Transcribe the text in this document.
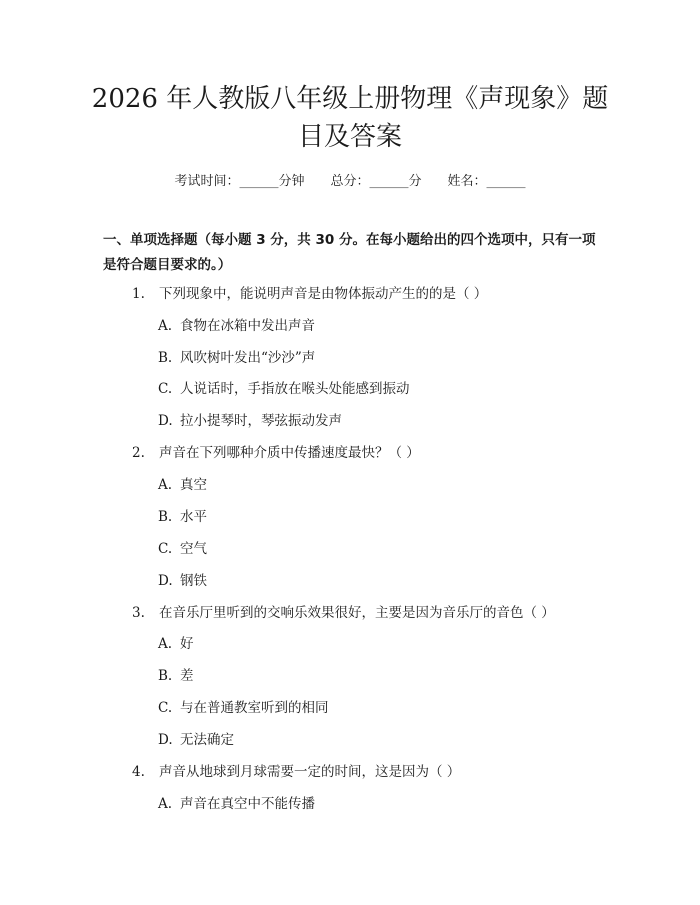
2026 年人教版八年级上册物理《声现象》题
目及答案
考试时间：______分钟 总分：______分 姓名：______
一、单项选择题（每小题 3 分，共 30 分。在每小题给出的四个选项中，只有一项
是符合题目要求的。）
1. 下列现象中，能说明声音是由物体振动产生的的是（ ）
A. 食物在冰箱中发出声音
B. 风吹树叶发出“沙沙”声
C. 人说话时，手指放在喉头处能感到振动
D. 拉小提琴时，琴弦振动发声
2. 声音在下列哪种介质中传播速度最快？（ ）
A. 真空
B. 水平
C. 空气
D. 钢铁
3. 在音乐厅里听到的交响乐效果很好，主要是因为音乐厅的音色（ ）
A. 好
B. 差
C. 与在普通教室听到的相同
D. 无法确定
4. 声音从地球到月球需要一定的时间，这是因为（ ）
A. 声音在真空中不能传播
